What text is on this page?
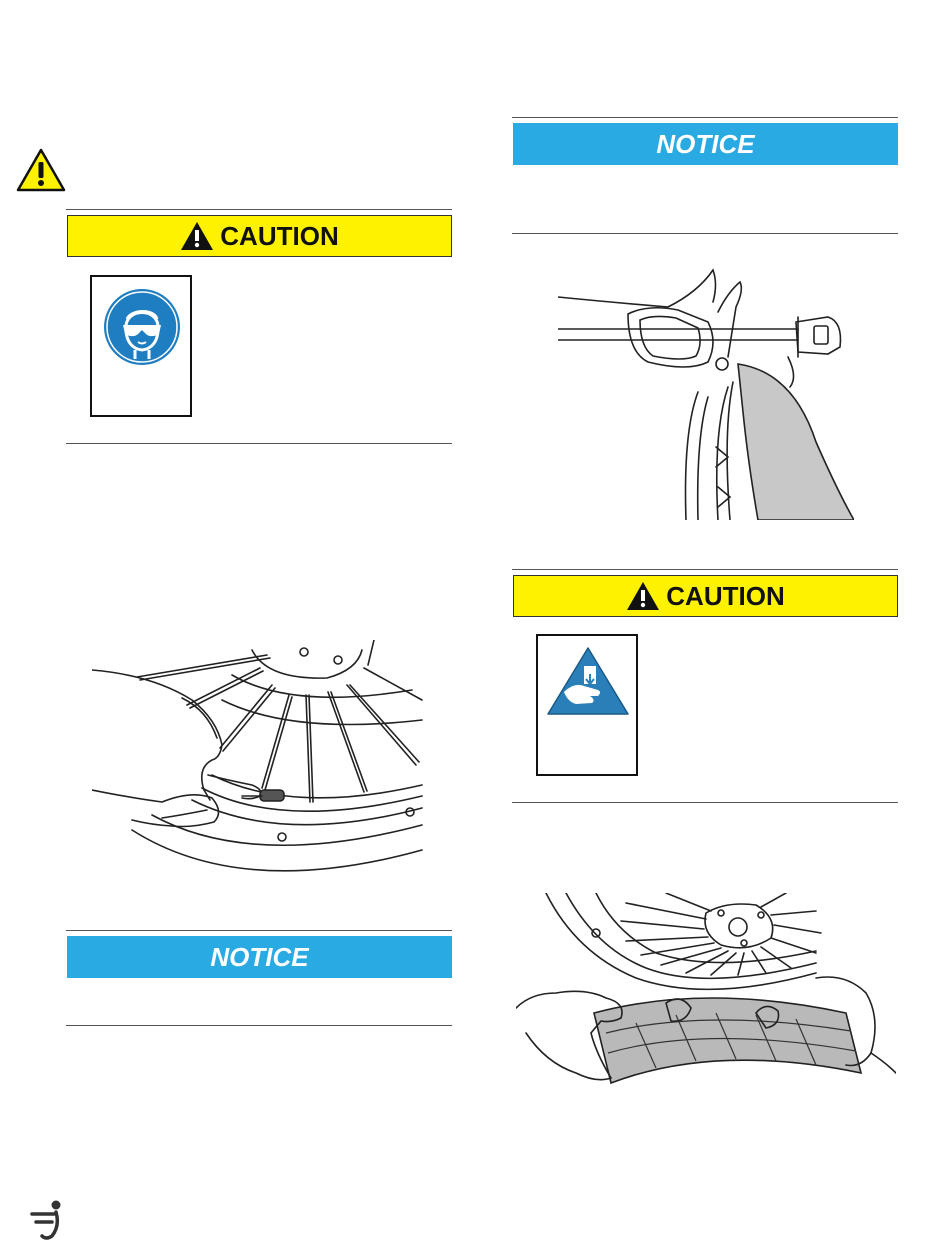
CAUTION
NOTICE
NOTICE
CAUTION
